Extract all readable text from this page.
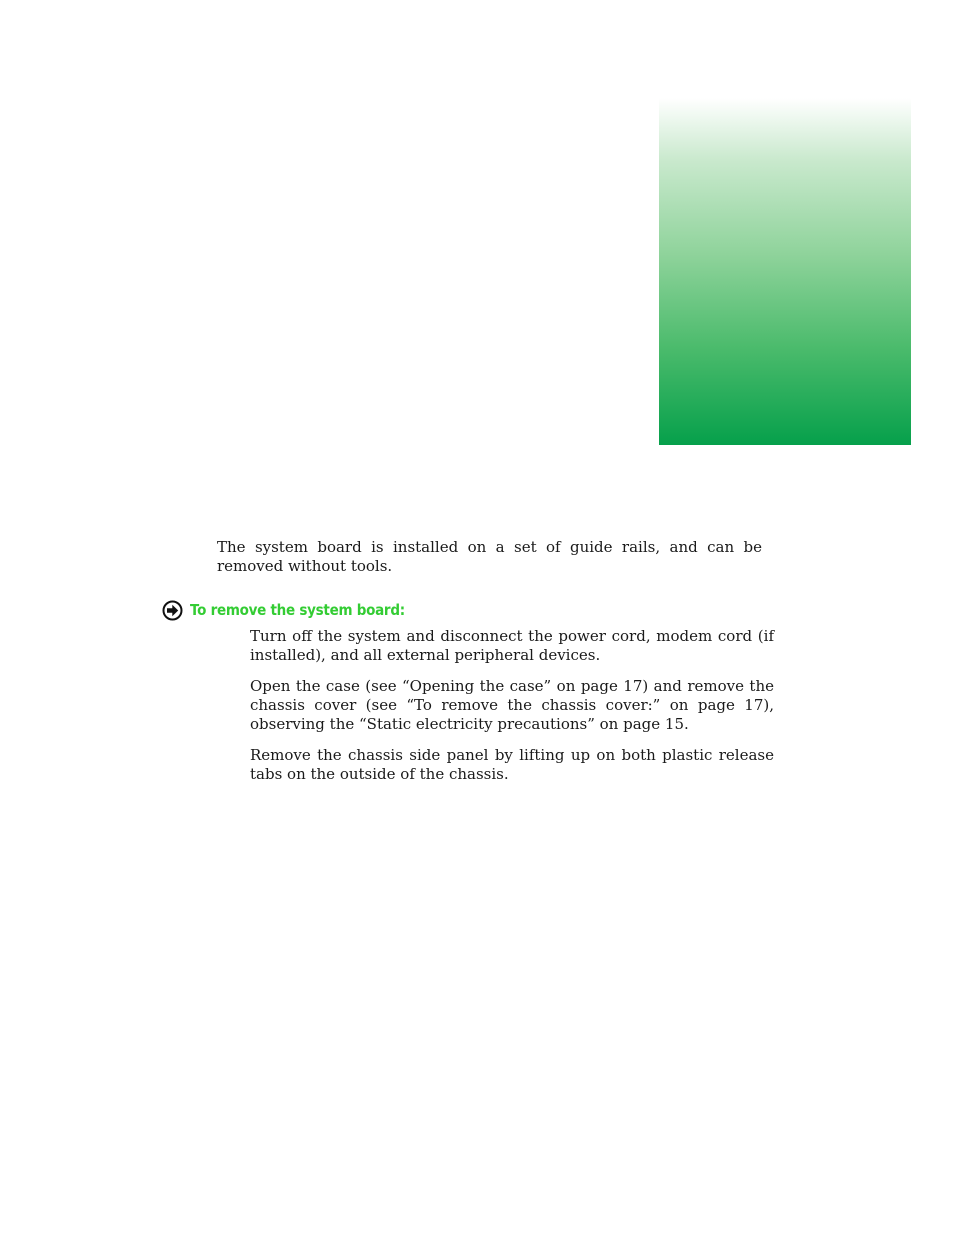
The system board is installed on a set of guide rails, and can be removed without tools.

To remove the system board:
Turn off the system and disconnect the power cord, modem cord (if installed), and all external peripheral devices.
Open the case (see “Opening the case” on page 17) and remove the chassis cover (see “To remove the chassis cover:” on page 17), observing the “Static electricity precautions” on page 15.
Remove the chassis side panel by lifting up on both plastic release tabs on the outside of the chassis.
